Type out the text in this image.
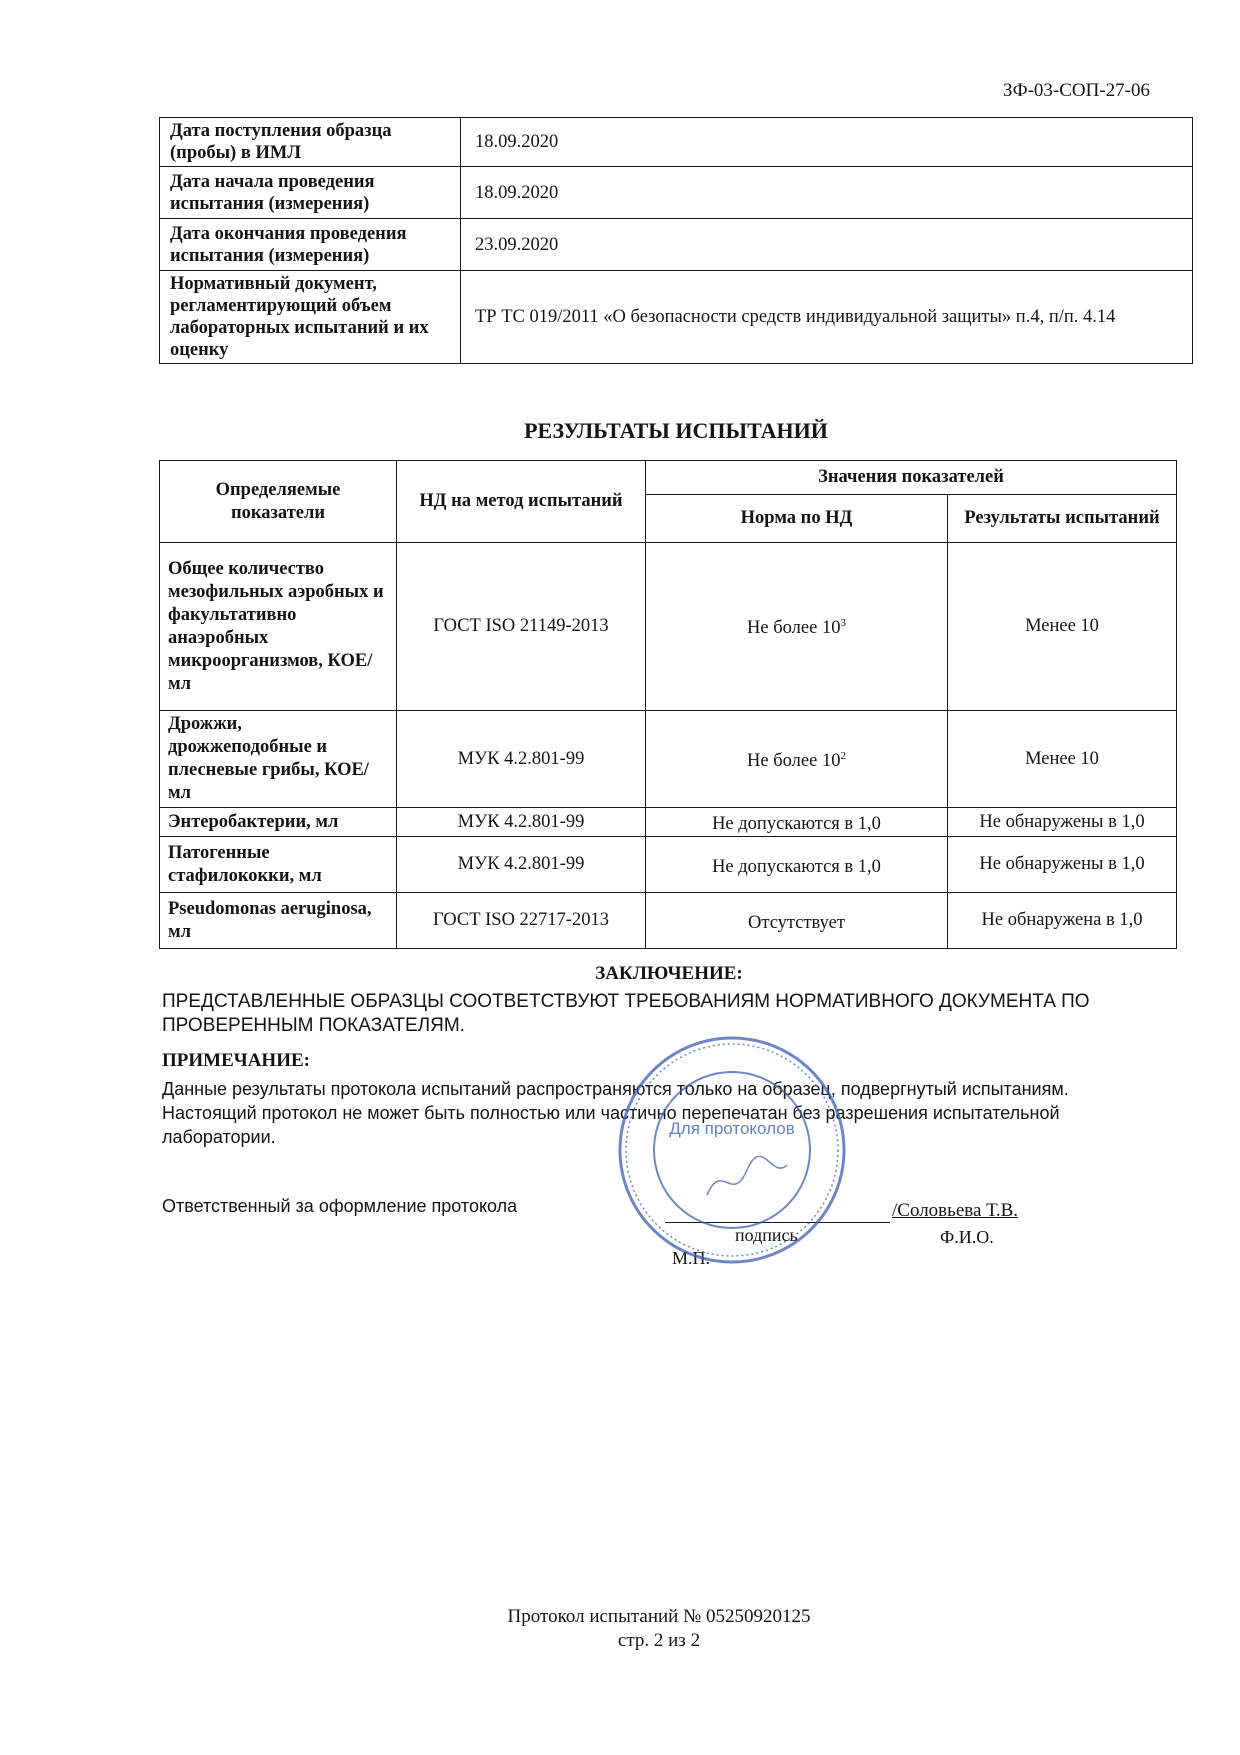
ЗФ-03-СОП-27-06
Дата поступления образца (пробы) в ИМЛ	18.09.2020
Дата начала проведения испытания (измерения)	18.09.2020
Дата окончания проведения испытания (измерения)	23.09.2020
Нормативный документ, регламентирующий объем лабораторных испытаний и их оценку	ТР ТС 019/2011 «О безопасности средств индивидуальной защиты» п.4, п/п. 4.14
РЕЗУЛЬТАТЫ ИСПЫТАНИЙ
Определяемые показатели	НД на метод испытаний	Значения показателей	
		Норма по НД	Результаты испытаний
Общее количество мезофильных аэробных и факультативно анаэробных микроорганизмов, КОЕ/мл	ГОСТ ISO 21149-2013	Не более $10^3$	Менее 10
Дрожжи, дрожжеподобные и плесневые грибы, КОЕ/мл	МУК 4.2.801-99	Не более $10^2$	Менее 10
Энтеробактерии, мл	МУК 4.2.801-99	Не допускаются в 1,0	Не обнаружены в 1,0
Патогенные стафилококки, мл	МУК 4.2.801-99	Не допускаются в 1,0	Не обнаружены в 1,0
Pseudomonas aeruginosa, мл	ГОСТ ISO 22717-2013	Отсутствует	Не обнаружена в 1,0
ЗАКЛЮЧЕНИЕ:
ПРЕДСТАВЛЕННЫЕ ОБРАЗЦЫ СООТВЕТСТВУЮТ ТРЕБОВАНИЯМ НОРМАТИВНОГО ДОКУМЕНТА ПО ПРОВЕРЕННЫМ ПОКАЗАТЕЛЯМ.
ПРИМЕЧАНИЕ:
Данные результаты протокола испытаний распространяются только на образец, подвергнутый испытаниям. Настоящий протокол не может быть полностью или частично перепечатан без разрешения испытательной лаборатории.
Ответственный за оформление протокола	/Соловьева Т.В.
подпись	Ф.И.О.
М.П.
Для протоколов
Протокол испытаний № 05250920125
стр. 2 из 2
